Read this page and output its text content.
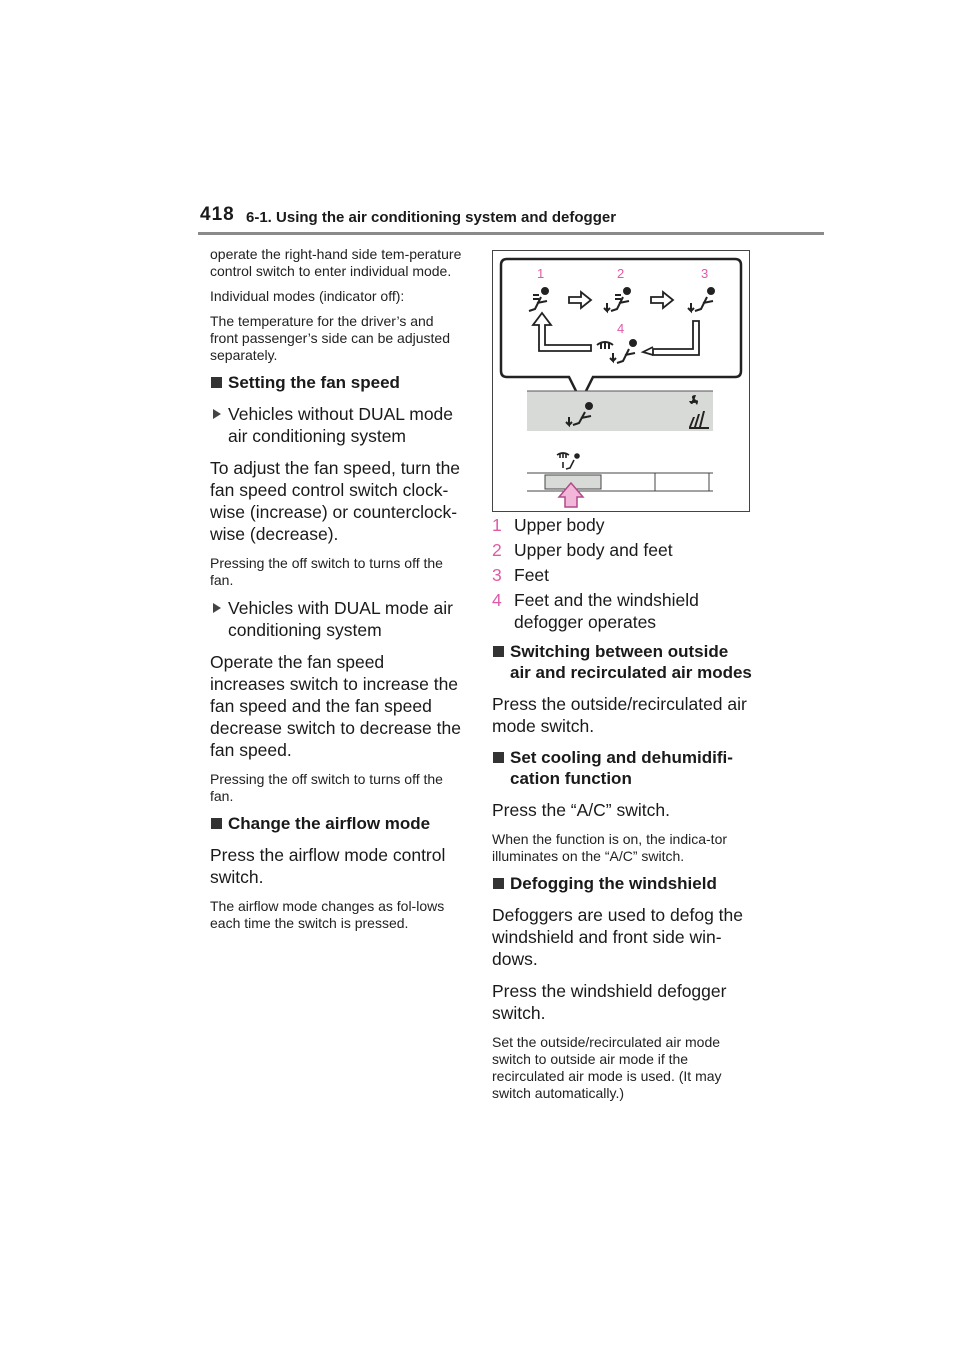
418 6-1. Using the air conditioning system and defogger

operate the right-hand side tem-perature control switch to enter individual mode.

Individual modes (indicator off):

The temperature for the driver’s and front passenger’s side can be adjusted separately.

Setting the fan speed
Vehicles without DUAL mode air conditioning system

To adjust the fan speed, turn the fan speed control switch clock-wise (increase) or counterclock-wise (decrease).

Pressing the off switch to turns off the fan.

Vehicles with DUAL mode air conditioning system

Operate the fan speed increases switch to increase the fan speed and the fan speed decrease switch to decrease the fan speed.

Pressing the off switch to turns off the fan.

Change the airflow mode

Press the airflow mode control switch.

The airflow mode changes as fol-lows each time the switch is pressed.

1	2	3
4
1 Upper body
2 Upper body and feet
3 Feet
4 Feet and the windshield defogger operates
Switching between outside air and recirculated air modes

Press the outside/recirculated air mode switch.

Set cooling and dehumidifi-cation function

Press the “A/C” switch.

When the function is on, the indica-tor illuminates on the “A/C” switch.

Defogging the windshield

Defoggers are used to defog the windshield and front side win-dows.

Press the windshield defogger switch.

Set the outside/recirculated air mode switch to outside air mode if the recirculated air mode is used. (It may switch automatically.)
